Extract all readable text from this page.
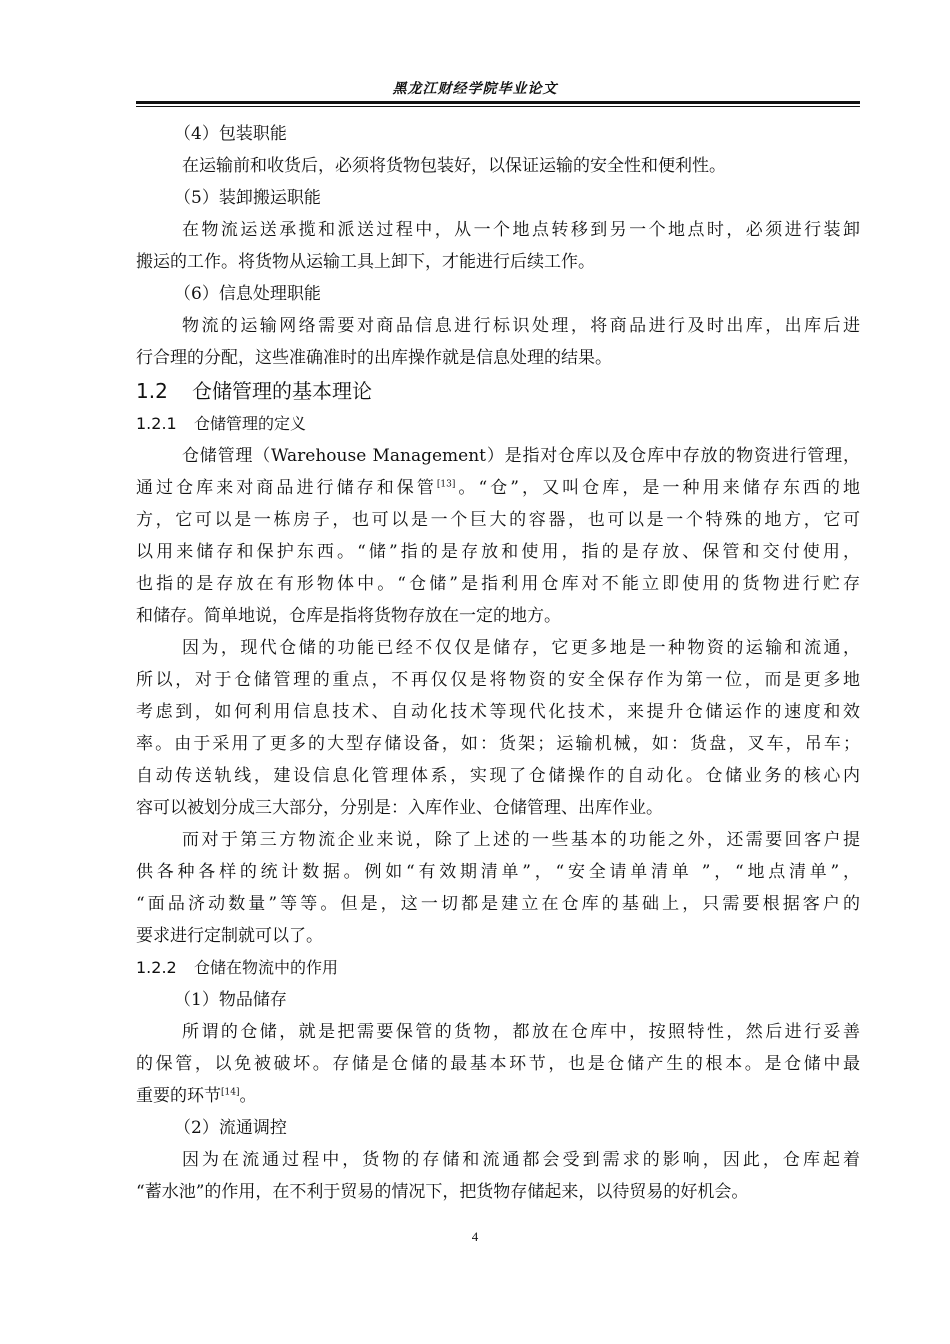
黑龙江财经学院毕业论文
（4）包装职能
在运输前和收货后，必须将货物包装好，以保证运输的安全性和便利性。
（5）装卸搬运职能
在物流运送承揽和派送过程中，从一个地点转移到另一个地点时，必须进行装卸
搬运的工作。将货物从运输工具上卸下，才能进行后续工作。
（6）信息处理职能
物流的运输网络需要对商品信息进行标识处理，将商品进行及时出库，出库后进
行合理的分配，这些准确准时的出库操作就是信息处理的结果。
1.2 仓储管理的基本理论
1.2.1 仓储管理的定义
仓储管理（Warehouse Management）是指对仓库以及仓库中存放的物资进行管理，
通过仓库来对商品进行储存和保管[13]。“仓”，又叫仓库，是一种用来储存东西的地
方，它可以是一栋房子，也可以是一个巨大的容器，也可以是一个特殊的地方，它可
以用来储存和保护东西。“储”指的是存放和使用，指的是存放、保管和交付使用，
也指的是存放在有形物体中。“仓储”是指利用仓库对不能立即使用的货物进行贮存
和储存。简单地说，仓库是指将货物存放在一定的地方。
因为，现代仓储的功能已经不仅仅是储存，它更多地是一种物资的运输和流通，
所以，对于仓储管理的重点，不再仅仅是将物资的安全保存作为第一位，而是更多地
考虑到，如何利用信息技术、自动化技术等现代化技术，来提升仓储运作的速度和效
率。由于采用了更多的大型存储设备，如：货架；运输机械，如：货盘，叉车，吊车；
自动传送轨线，建设信息化管理体系，实现了仓储操作的自动化。仓储业务的核心内
容可以被划分成三大部分，分别是：入库作业、仓储管理、出库作业。
而对于第三方物流企业来说，除了上述的一些基本的功能之外，还需要回客户提
供各种各样的统计数据。例如“有效期清单”，“安全请单清单 ”，“地点清单”，
“面品济动数量”等等。但是，这一切都是建立在仓库的基础上，只需要根据客户的
要求进行定制就可以了。
1.2.2 仓储在物流中的作用
（1）物品储存
所谓的仓储，就是把需要保管的货物，都放在仓库中，按照特性，然后进行妥善
的保管，以免被破坏。存储是仓储的最基本环节，也是仓储产生的根本。是仓储中最
重要的环节[14]。
（2）流通调控
因为在流通过程中，货物的存储和流通都会受到需求的影响，因此，仓库起着
“蓄水池”的作用，在不利于贸易的情况下，把货物存储起来，以待贸易的好机会。
4
